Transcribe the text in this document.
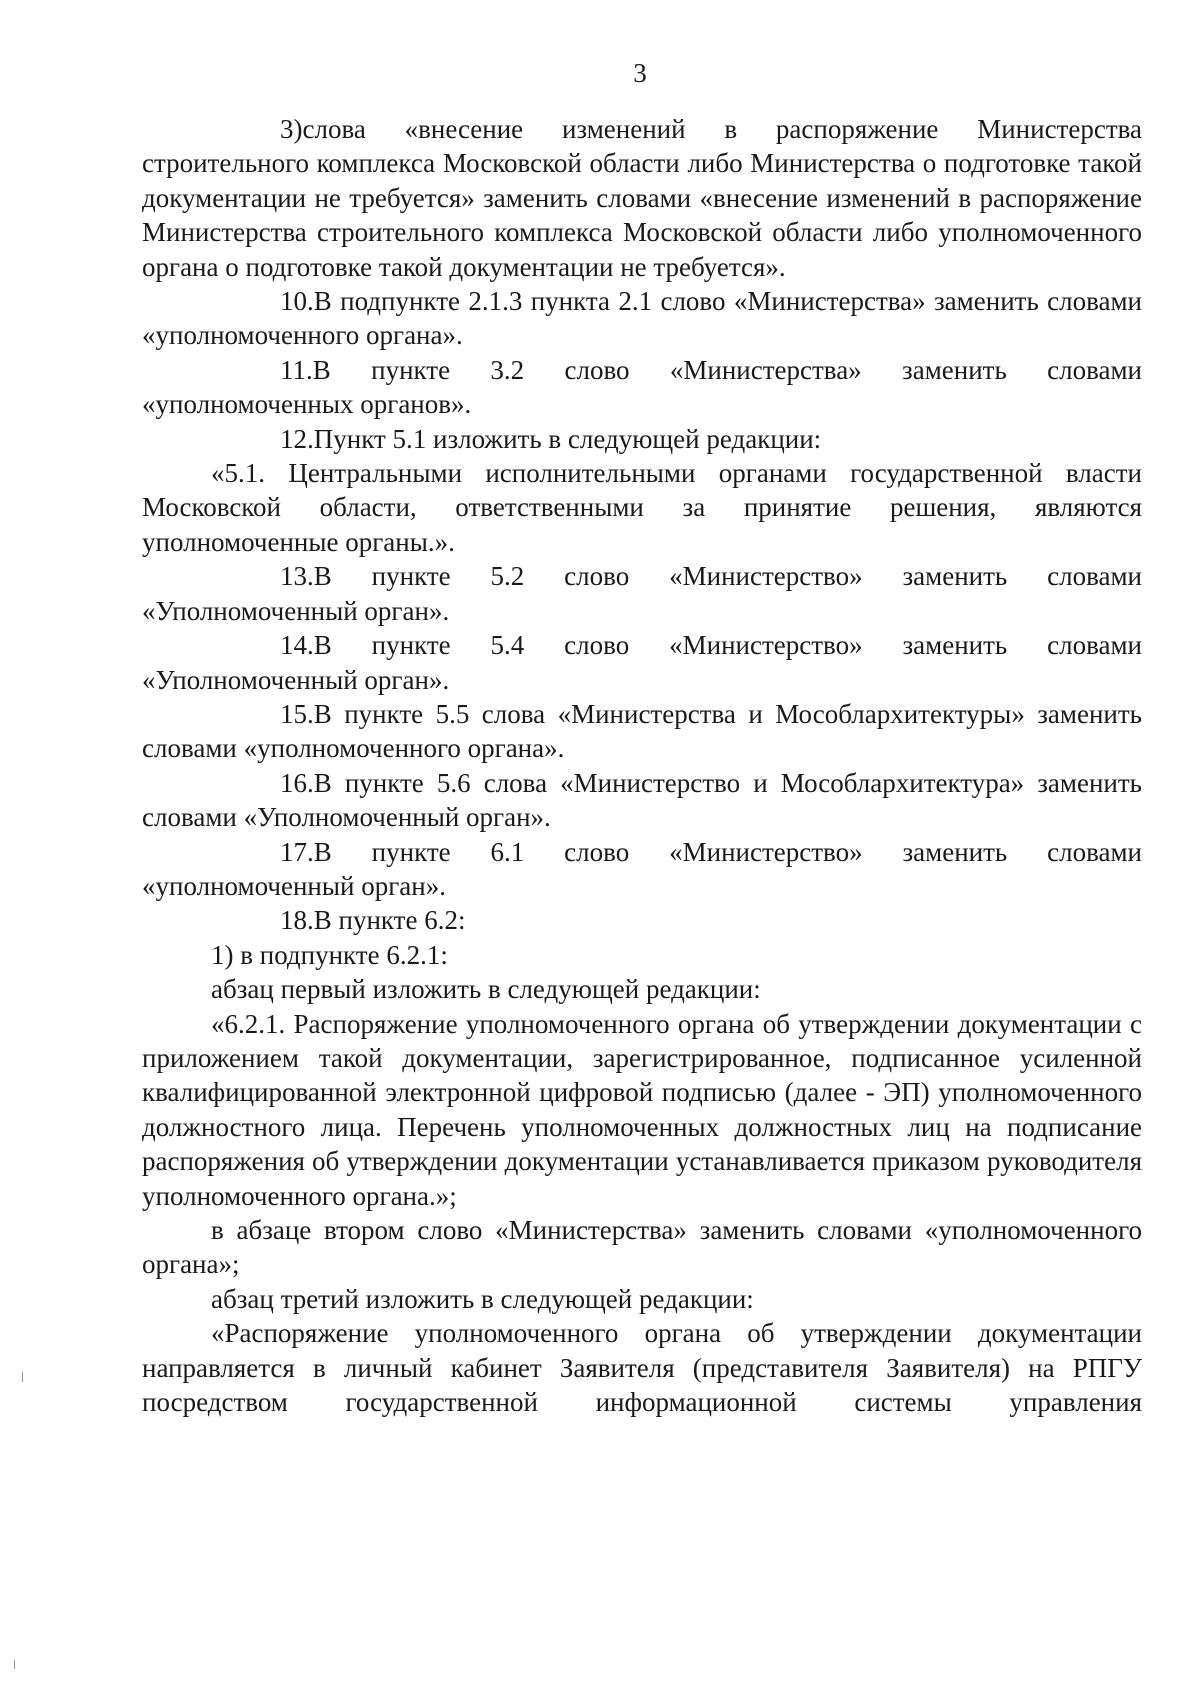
3

3)слова «внесение изменений в распоряжение Министерства строительного комплекса Московской области либо Министерства о подготовке такой документации не требуется» заменить словами «внесение изменений в распоряжение Министерства строительного комплекса Московской области либо уполномоченного органа о подготовке такой документации не требуется».

10.В подпункте 2.1.3 пункта 2.1 слово «Министерства» заменить словами «уполномоченного органа».

11.В пункте 3.2 слово «Министерства» заменить словами «уполномоченных органов».

12.Пункт 5.1 изложить в следующей редакции:

«5.1. Центральными исполнительными органами государственной власти Московской области, ответственными за принятие решения, являются уполномоченные органы.».

13.В пункте 5.2 слово «Министерство» заменить словами «Уполномоченный орган».

14.В пункте 5.4 слово «Министерство» заменить словами «Уполномоченный орган».

15.В пункте 5.5 слова «Министерства и Мособлархитектуры» заменить словами «уполномоченного органа».

16.В пункте 5.6 слова «Министерство и Мособлархитектура» заменить словами «Уполномоченный орган».

17.В пункте 6.1 слово «Министерство» заменить словами «уполномоченный орган».

18.В пункте 6.2:

1) в подпункте 6.2.1:

абзац первый изложить в следующей редакции:

«6.2.1. Распоряжение уполномоченного органа об утверждении документации с приложением такой документации, зарегистрированное, подписанное усиленной квалифицированной электронной цифровой подписью (далее - ЭП) уполномоченного должностного лица. Перечень уполномоченных должностных лиц на подписание распоряжения об утверждении документации устанавливается приказом руководителя уполномоченного органа.»;

в абзаце втором слово «Министерства» заменить словами «уполномоченного органа»;

абзац третий изложить в следующей редакции:

«Распоряжение уполномоченного органа об утверждении документации направляется в личный кабинет Заявителя (представителя Заявителя) на РПГУ посредством государственной информационной системы управления
